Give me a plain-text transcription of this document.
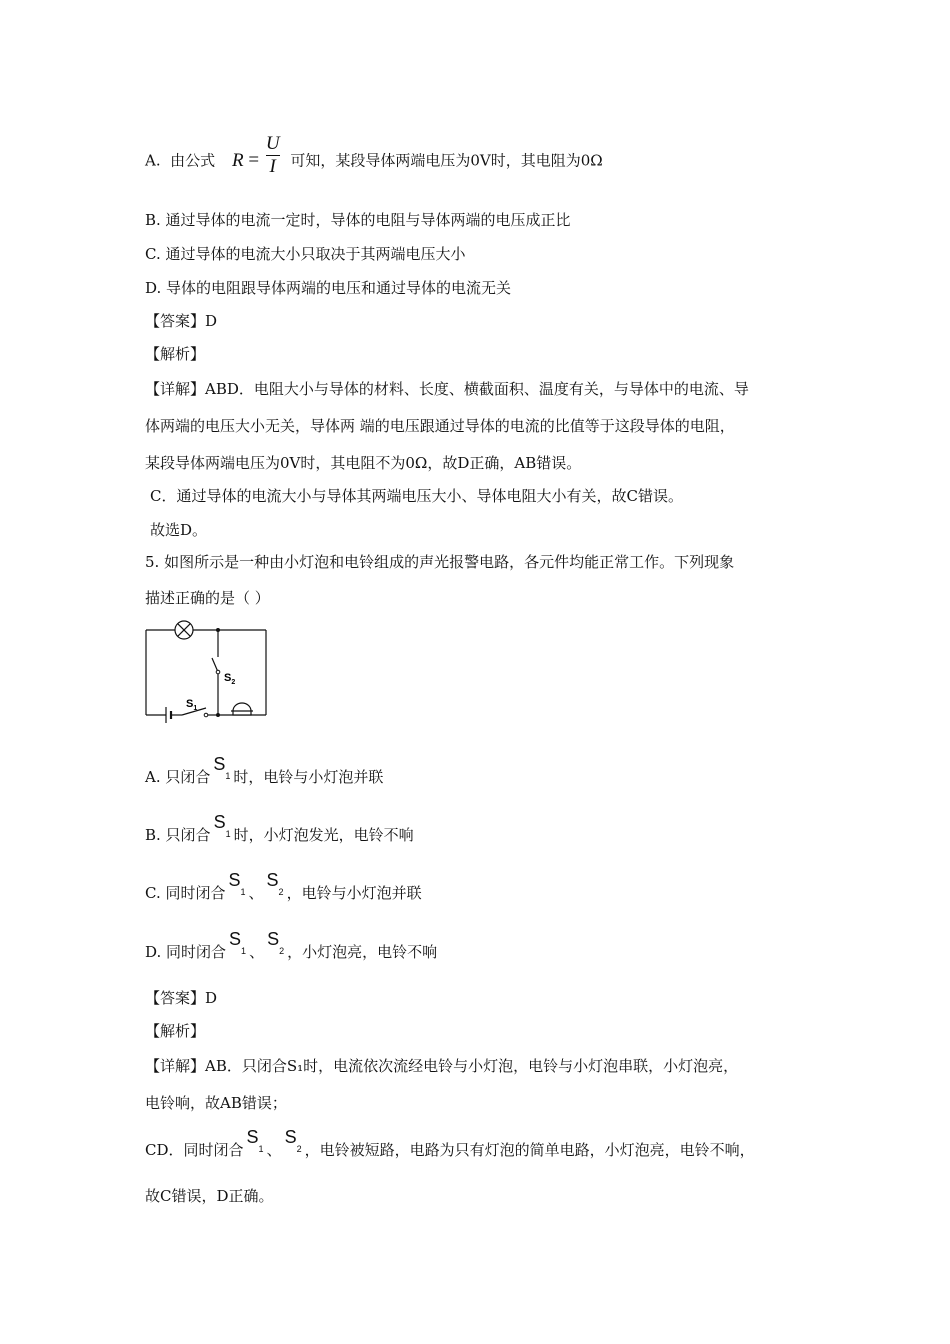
A. 由公式 $R = \frac{U}{I}$ 可知，某段导体两端电压为0V时，其电阻为0Ω
B. 通过导体的电流一定时，导体的电阻与导体两端的电压成正比
C. 通过导体的电流大小只取决于其两端电压大小
D. 导体的电阻跟导体两端的电压和通过导体的电流无关
【答案】D
【解析】
【详解】ABD．电阻大小与导体的材料、长度、横截面积、温度有关，与导体中的电流、导
体两端的电压大小无关，导体两 端的电压跟通过导体的电流的比值等于这段导体的电阻，
某段导体两端电压为0V时，其电阻不为0Ω，故D正确，AB错误。
C．通过导体的电流大小与导体其两端电压大小、导体电阻大小有关，故C错误。
故选D。
5. 如图所示是一种由小灯泡和电铃组成的声光报警电路，各元件均能正常工作。下列现象
描述正确的是（ ）
$S_2$
$S_1$
A. 只闭合$S_1$ 时，电铃与小灯泡并联
B. 只闭合$S_1$ 时，小灯泡发光，电铃不响
C. 同时闭合$S_1$ 、$S_2$ ，电铃与小灯泡并联
D. 同时闭合$S_1$ 、$S_2$ ，小灯泡亮，电铃不响
【答案】D
【解析】
【详解】AB．只闭合S₁时，电流依次流经电铃与小灯泡，电铃与小灯泡串联，小灯泡亮，
电铃响，故AB错误；
CD．同时闭合$S_1$ 、$S_2$ ，电铃被短路，电路为只有灯泡的简单电路，小灯泡亮，电铃不响，
故C错误，D正确。
